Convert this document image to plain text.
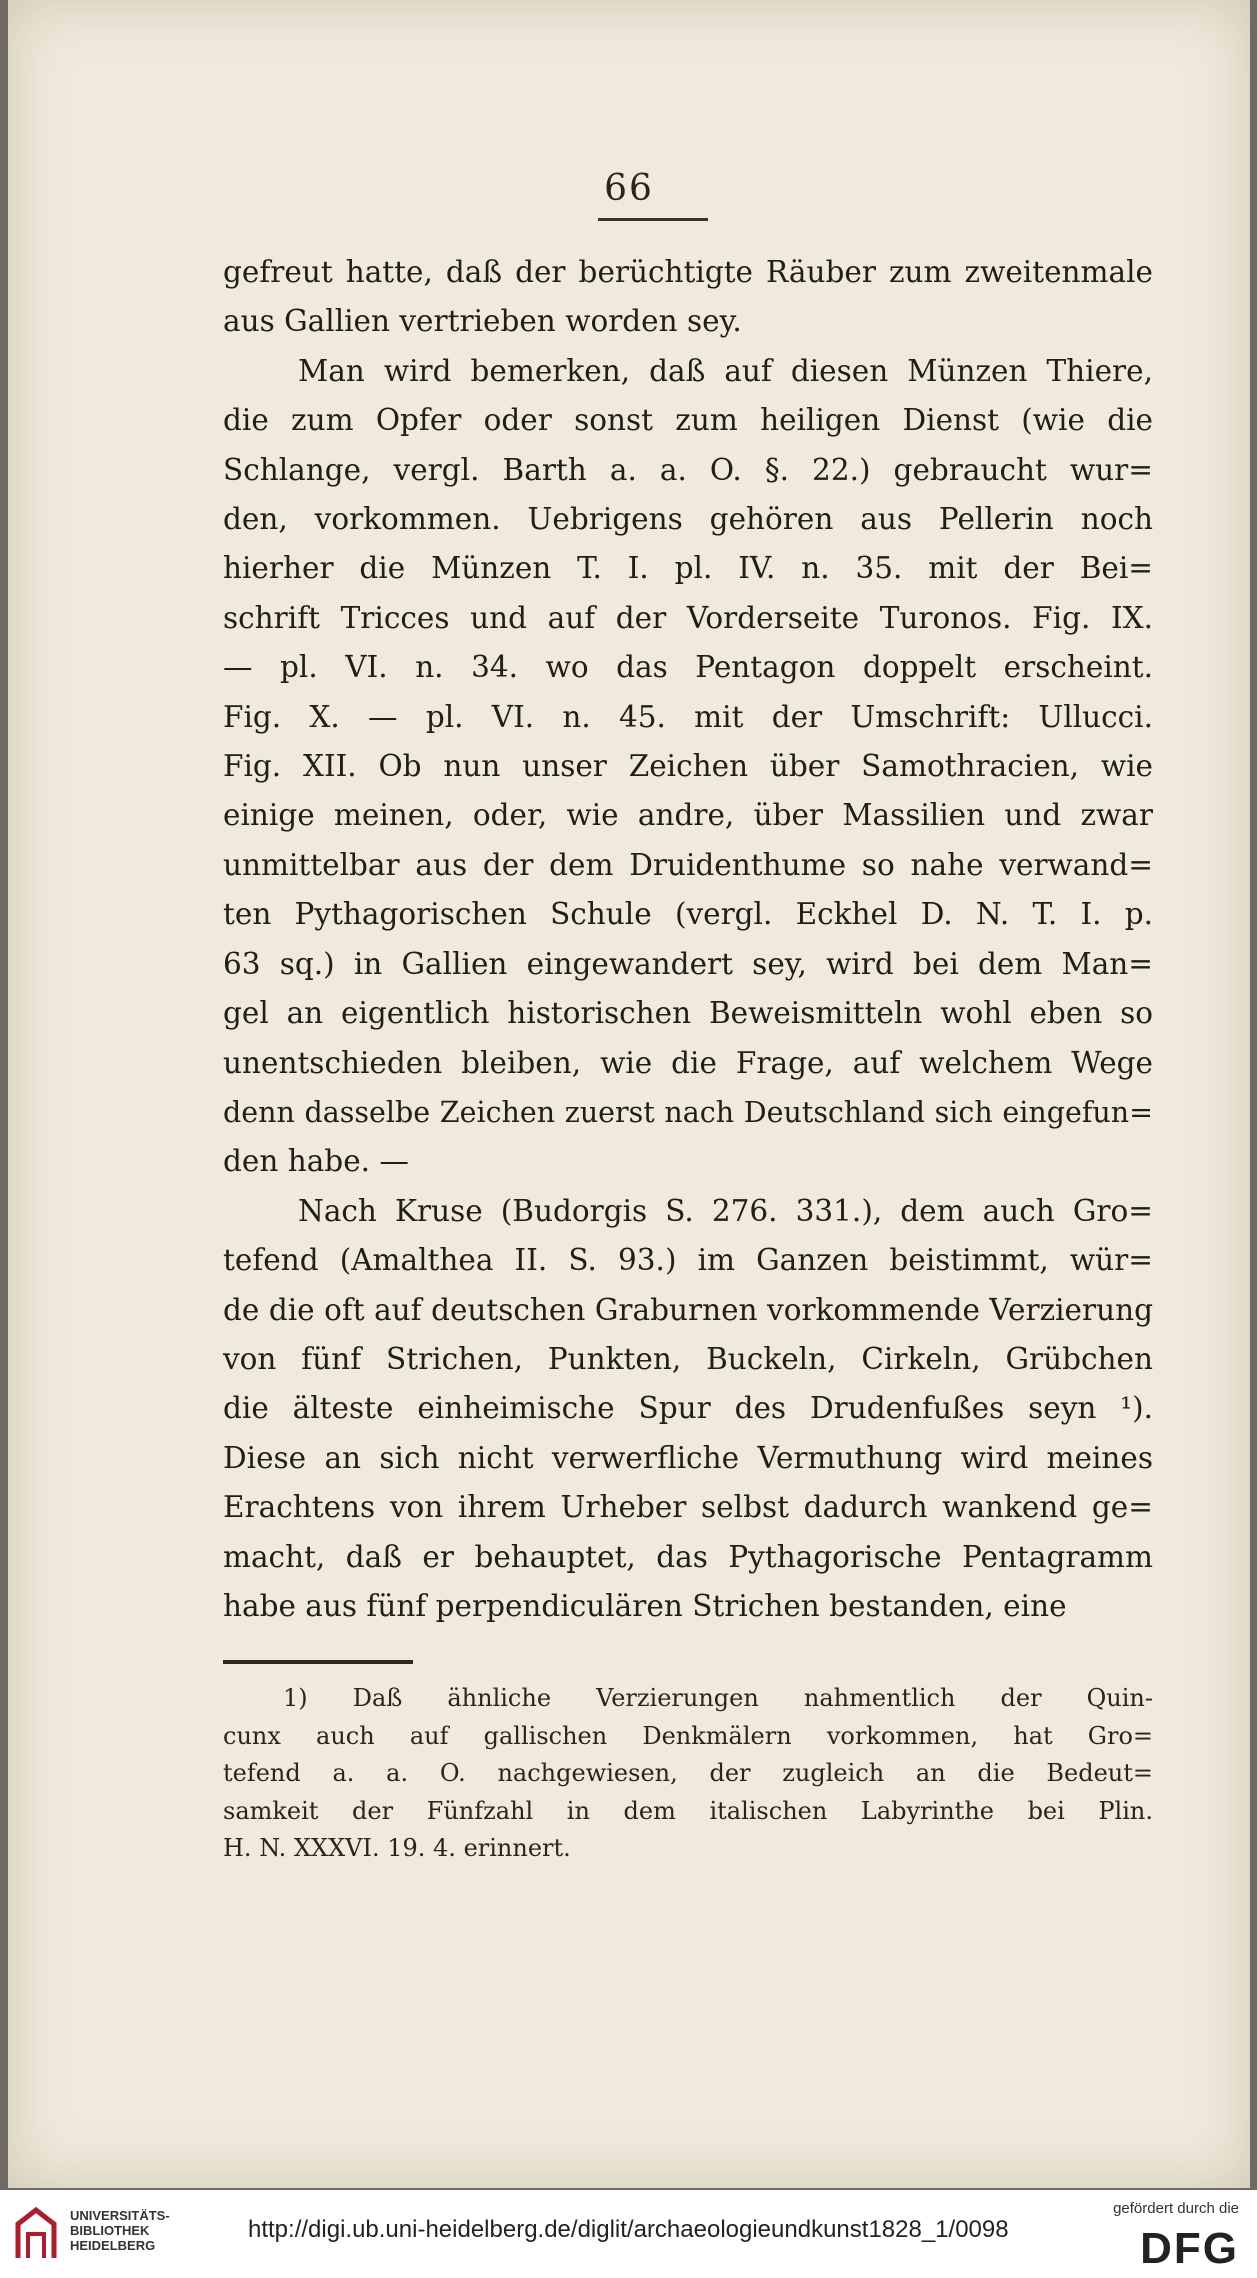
66

gefreut hatte, daß der berüchtigte Räuber zum zweitenmale
aus Gallien vertrieben worden sey.

Man wird bemerken, daß auf diesen Münzen Thiere,
die zum Opfer oder sonst zum heiligen Dienst (wie die
Schlange, vergl. Barth a. a. O. §. 22.) gebraucht wur=
den, vorkommen. Uebrigens gehören aus Pellerin noch
hierher die Münzen T. I. pl. IV. n. 35. mit der Bei=
schrift Tricces und auf der Vorderseite Turonos. Fig. IX.
— pl. VI. n. 34. wo das Pentagon doppelt erscheint.
Fig. X. — pl. VI. n. 45. mit der Umschrift: Ullucci.
Fig. XII. Ob nun unser Zeichen über Samothracien, wie
einige meinen, oder, wie andre, über Massilien und zwar
unmittelbar aus der dem Druidenthume so nahe verwand=
ten Pythagorischen Schule (vergl. Eckhel D. N. T. I. p.
63 sq.) in Gallien eingewandert sey, wird bei dem Man=
gel an eigentlich historischen Beweismitteln wohl eben so
unentschieden bleiben, wie die Frage, auf welchem Wege
denn dasselbe Zeichen zuerst nach Deutschland sich eingefun=
den habe. —

Nach Kruse (Budorgis S. 276. 331.), dem auch Gro=
tefend (Amalthea II. S. 93.) im Ganzen beistimmt, wür=
de die oft auf deutschen Graburnen vorkommende Verzierung
von fünf Strichen, Punkten, Buckeln, Cirkeln, Grübchen
die älteste einheimische Spur des Drudenfußes seyn ¹).
Diese an sich nicht verwerfliche Vermuthung wird meines
Erachtens von ihrem Urheber selbst dadurch wankend ge=
macht, daß er behauptet, das Pythagorische Pentagramm
habe aus fünf perpendiculären Strichen bestanden, eine

1) Daß ähnliche Verzierungen nahmentlich der Quin-
cunx auch auf gallischen Denkmälern vorkommen, hat Gro=
tefend a. a. O. nachgewiesen, der zugleich an die Bedeut=
samkeit der Fünfzahl in dem italischen Labyrinthe bei Plin.
H. N. XXXVI. 19. 4. erinnert.
UNIVERSITÄTS-
BIBLIOTHEK
HEIDELBERG
http://digi.ub.uni-heidelberg.de/diglit/archaeologieundkunst1828_1/0098
gefördert durch die
DFG
